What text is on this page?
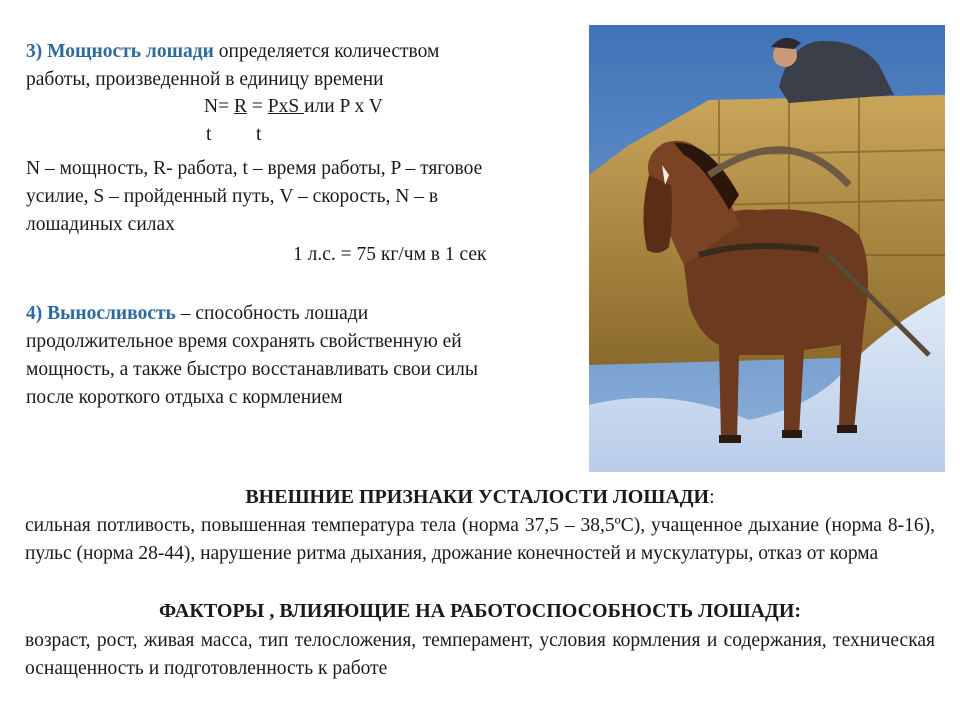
3) Мощность лошади определяется количеством
работы, произведенной в единицу времени
N= R = PxS или P x V
t t
N – мощность, R- работа, t – время работы, P – тяговое
усилие, S – пройденный путь, V – скорость, N – в
лошадиных силах
1 л.с. = 75 кг/чм в 1 сек
4) Выносливость – способность лошади
продолжительное время сохранять свойственную ей
мощность, а также быстро восстанавливать свои силы
после короткого отдыха с кормлением
ВНЕШНИЕ ПРИЗНАКИ УСТАЛОСТИ ЛОШАДИ:
сильная потливость, повышенная температура тела (норма 37,5 – 38,5ºС), учащенное дыхание (норма 8-16), пульс (норма 28-44), нарушение ритма дыхания, дрожание конечностей и мускулатуры, отказ от корма
ФАКТОРЫ , ВЛИЯЮЩИЕ НА РАБОТОСПОСОБНОСТЬ ЛОШАДИ:
возраст, рост, живая масса, тип телосложения, темперамент, условия кормления и содержания, техническая оснащенность и подготовленность к работе
